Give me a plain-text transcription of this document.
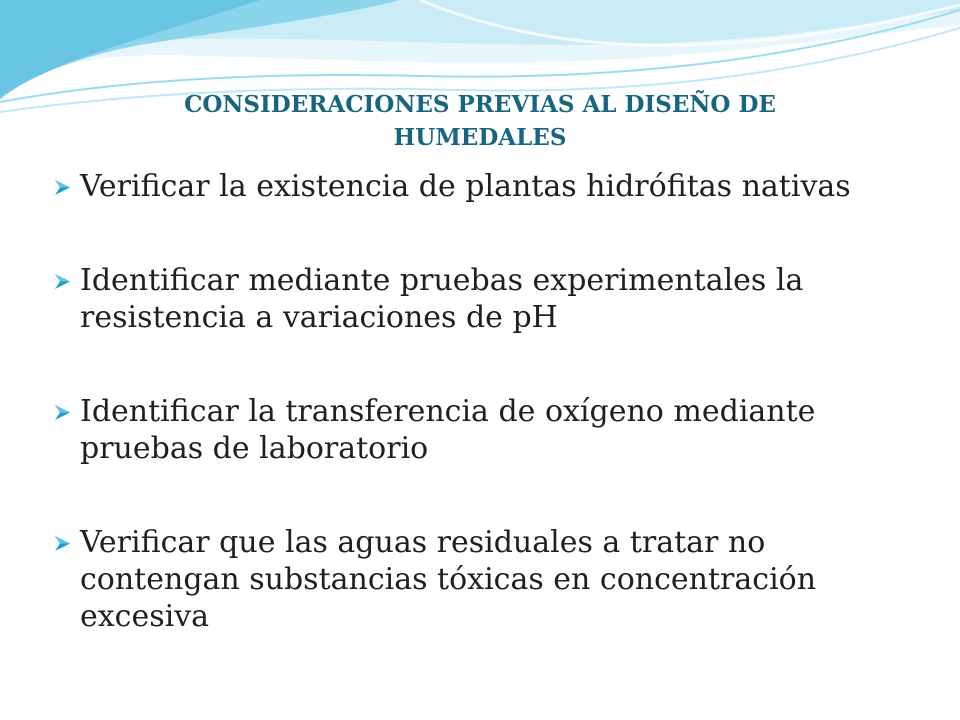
CONSIDERACIONES PREVIAS AL DISEÑO DE
HUMEDALES
Verificar la existencia de plantas hidrófitas nativas
Identificar mediante pruebas experimentales la resistencia a variaciones de pH
Identificar la transferencia de oxígeno mediante pruebas de laboratorio
Verificar que las aguas residuales a tratar no contengan substancias tóxicas en concentración excesiva
